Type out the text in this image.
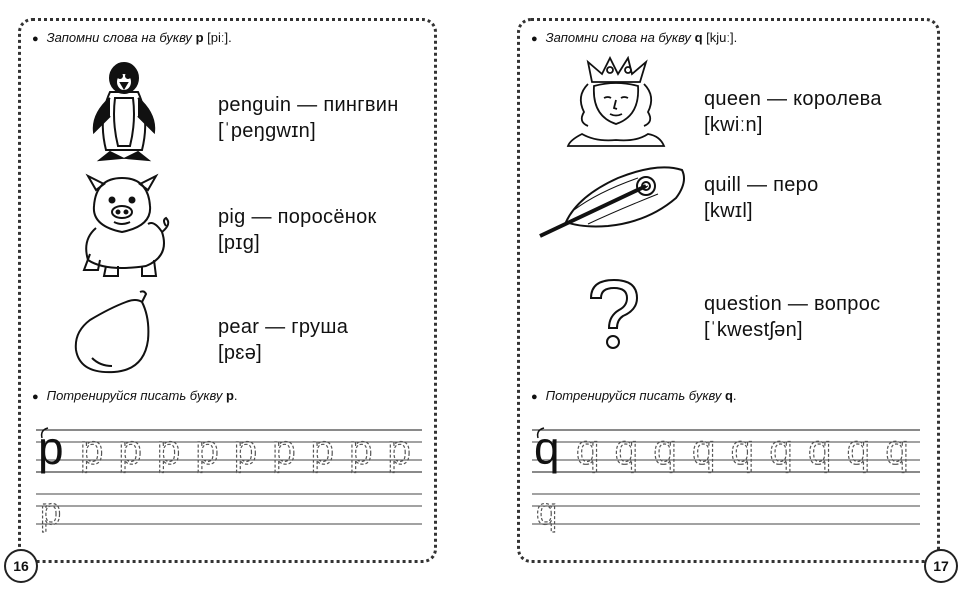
● Запомни слова на букву p [piː].
penguin — пингвин
[ˈpeŋgwɪn]
pig — поросёнок
[pɪg]
pear — груша
[pɛə]
● Потренируйся писать букву p.
p p p p p p p p p p
p
16
● Запомни слова на букву q [kjuː].
queen — королева
[kwiːn]
quill — перо
[kwɪl]
question — вопрос
[ˈkwestʃən]
● Потренируйся писать букву q.
q q q q q q q q q q
q
17
